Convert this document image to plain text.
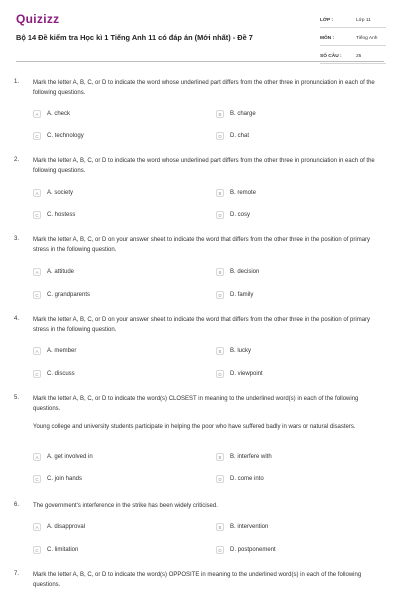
Quizizz
Bộ 14 Đề kiểm tra Học kì 1 Tiếng Anh 11 có đáp án (Mới nhất) - Đề 7
LỚP :	Lớp 11
MÔN :	Tiếng Anh
SỐ CÂU :	25
1. Mark the letter A, B, C, or D to indicate the word whose underlined part differs from the other three in pronunciation in each of the following questions.
A	A. check	B	B. charge
C	C. technology	D	D. chat
2. Mark the letter A, B, C, or D to indicate the word whose underlined part differs from the other three in pronunciation in each of the following questions.
A	A. society	B	B. remote
C	C. hostess	D	D. cosy
3. Mark the letter A, B, C, or D on your answer sheet to indicate the word that differs from the other three in the position of primary stress in the following question.
A	A. attitude	B	B. decision
C	C. grandparents	D	D. family
4. Mark the letter A, B, C, or D on your answer sheet to indicate the word that differs from the other three in the position of primary stress in the following question.
A	A. member	B	B. lucky
C	C. discuss	D	D. viewpoint
5. Mark the letter A, B, C, or D to indicate the word(s) CLOSEST in meaning to the underlined word(s) in each of the following questions.
Young college and university students participate in helping the poor who have suffered badly in wars or natural disasters.
A	A. get involved in	B	B. interfere with
C	C. join hands	D	D. come into
6. The government's interference in the strike has been widely criticised.
A	A. disapproval	B	B. intervention
C	C. limitation	D	D. postponement
7. Mark the letter A, B, C, or D to indicate the word(s) OPPOSITE in meaning to the underlined word(s) in each of the following questions.
